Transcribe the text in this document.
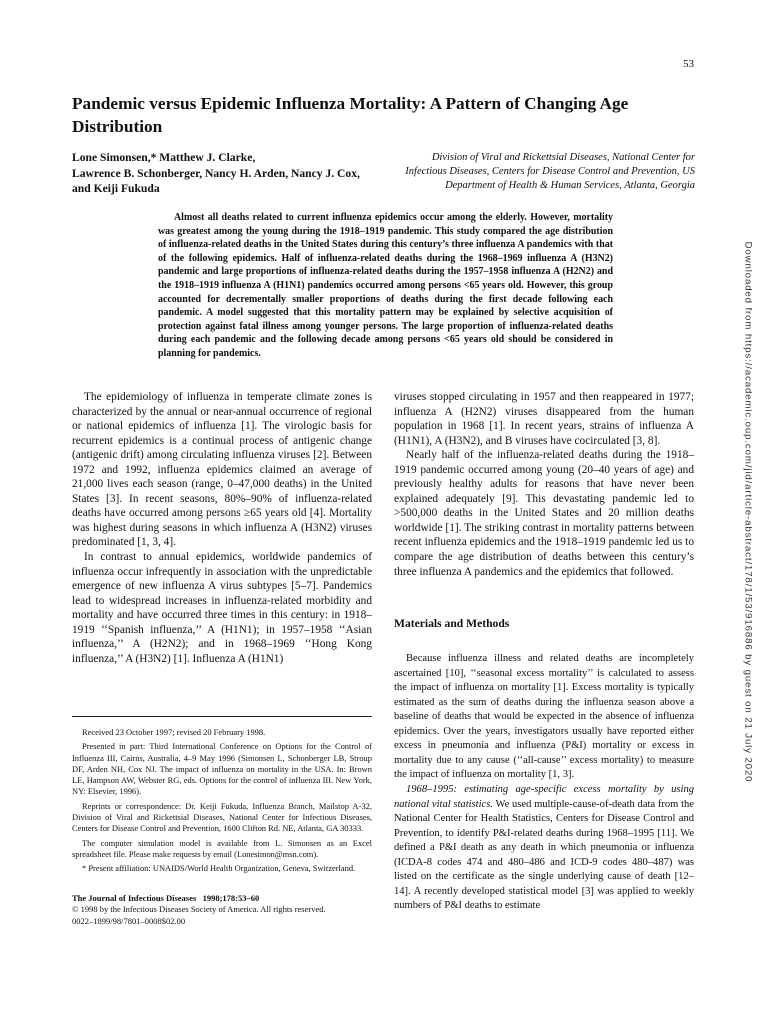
53
Pandemic versus Epidemic Influenza Mortality: A Pattern of Changing Age Distribution
Lone Simonsen,* Matthew J. Clarke,
Lawrence B. Schonberger, Nancy H. Arden, Nancy J. Cox,
and Keiji Fukuda
Division of Viral and Rickettsial Diseases, National Center for
Infectious Diseases, Centers for Disease Control and Prevention, US
Department of Health & Human Services, Atlanta, Georgia

Almost all deaths related to current influenza epidemics occur among the elderly. However, mortality was greatest among the young during the 1918–1919 pandemic. This study compared the age distribution of influenza-related deaths in the United States during this century’s three influenza A pandemics with that of the following epidemics. Half of influenza-related deaths during the 1968–1969 influenza A (H3N2) pandemic and large proportions of influenza-related deaths during the 1957–1958 influenza A (H2N2) and the 1918–1919 influenza A (H1N1) pandemics occurred among persons <65 years old. However, this group accounted for decrementally smaller proportions of deaths during the first decade following each pandemic. A model suggested that this mortality pattern may be explained by selective acquisition of protection against fatal illness among younger persons. The large proportion of influenza-related deaths during each pandemic and the following decade among persons <65 years old should be considered in planning for pandemics.	Downloaded from https://academic.oup.com/jid/article-abstract/178/1/53/916886 by guest on 21 July 2020

The epidemiology of influenza in temperate climate zones is characterized by the annual or near-annual occurrence of regional or national epidemics of influenza [1]. The virologic basis for recurrent epidemics is a continual process of antigenic change (antigenic drift) among circulating influenza viruses [2]. Between 1972 and 1992, influenza epidemics claimed an average of 21,000 lives each season (range, 0–47,000 deaths) in the United States [3]. In recent seasons, 80%–90% of influenza-related deaths have occurred among persons ≥65 years old [4]. Mortality was highest during seasons in which influenza A (H3N2) viruses predominated [1, 3, 4].

In contrast to annual epidemics, worldwide pandemics of influenza occur infrequently in association with the unpredictable emergence of new influenza A virus subtypes [5–7]. Pandemics lead to widespread increases in influenza-related morbidity and mortality and have occurred three times in this century: in 1918–1919 ‘‘Spanish influenza,’’ A (H1N1); in 1957–1958 ‘‘Asian influenza,’’ A (H2N2); and in 1968–1969 ‘‘Hong Kong influenza,’’ A (H3N2) [1]. Influenza A (H1N1)

viruses stopped circulating in 1957 and then reappeared in 1977; influenza A (H2N2) viruses disappeared from the human population in 1968 [1]. In recent years, strains of influenza A (H1N1), A (H3N2), and B viruses have cocirculated [3, 8].

Nearly half of the influenza-related deaths during the 1918–1919 pandemic occurred among young (20–40 years of age) and previously healthy adults for reasons that have never been explained adequately [9]. This devastating pandemic led to >500,000 deaths in the United States and 20 million deaths worldwide [1]. The striking contrast in mortality patterns between recent influenza epidemics and the 1918–1919 pandemic led us to compare the age distribution of deaths between this century’s three influenza A pandemics and the epidemics that followed.

Materials and Methods

Because influenza illness and related deaths are incompletely ascertained [10], ‘‘seasonal excess mortality’’ is calculated to assess the impact of influenza on mortality [1]. Excess mortality is typically estimated as the sum of deaths during the influenza season above a baseline of deaths that would be expected in the absence of influenza epidemics. Over the years, investigators usually have reported either excess in pneumonia and influenza (P&I) mortality or excess in mortality due to any cause (‘‘all-cause’’ excess mortality) to measure the impact of influenza on mortality [1, 3].

1968–1995: estimating age-specific excess mortality by using national vital statistics. We used multiple-cause-of-death data from the National Center for Health Statistics, Centers for Disease Control and Prevention, to identify P&I-related deaths during 1968–1995 [11]. We defined a P&I death as any death in which pneumonia or influenza (ICDA-8 codes 474 and 480–486 and ICD-9 codes 480–487) was listed on the certificate as the single underlying cause of death [12–14]. A recently developed statistical model [3] was applied to weekly numbers of P&I deaths to estimate

Received 23 October 1997; revised 20 February 1998.

Presented in part: Third International Conference on Options for the Control of Influenza III, Cairns, Australia, 4–9 May 1996 (Simonsen L, Schonberger LB, Stroup DF, Arden NH, Cox NJ. The impact of influenza on mortality in the USA. In: Brown LE, Hampson AW, Webster RG, eds. Options for the control of influenza III. New York, NY: Elsevier, 1996).

Reprints or correspondence: Dr. Keiji Fukuda, Influenza Branch, Mailstop A-32, Division of Viral and Rickettsial Diseases, National Center for Infectious Diseases, Centers for Disease Control and Prevention, 1600 Clifton Rd. NE, Atlanta, GA 30333.

The computer simulation model is available from L. Simonsen as an Excel spreadsheet file. Please make requests by email (Lonesimon@msn.com).

* Present affiliation: UNAIDS/World Health Organization, Geneva, Switzerland.

The Journal of Infectious Diseases 1998;178:53–60
© 1998 by the Infectious Diseases Society of America. All rights reserved.
0022–1899/98/7801–0008$02.00
